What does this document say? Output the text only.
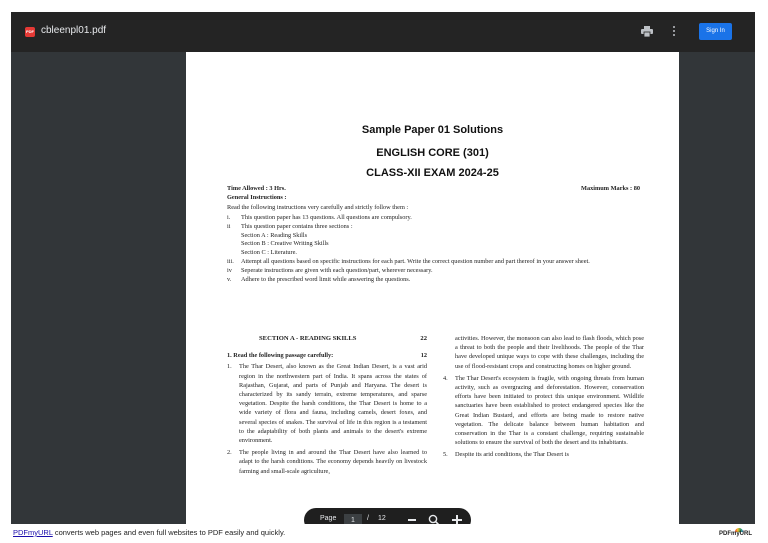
PDF cbleenpl01.pdf	Sign In
Sample Paper 01 Solutions
ENGLISH CORE (301)
CLASS-XII EXAM 2024-25
Time Allowed : 3 Hrs.	Maximum Marks : 80
General Instructions :
Read the following instructions very carefully and strictly follow them :
i.	This question paper has 13 questions. All questions are compulsory.
ii	This question paper contains three sections :
Section A : Reading Skills
Section B : Creative Writing Skills
Section C : Literature.
iii.	Attempt all questions based on specific instructions for each part. Write the correct question number and part thereof in your answer sheet.
iv	Seperate instructions are given with each question/part, wherever necessary.
v.	Adhere to the prescribed word limit while answering the questions.
SECTION A - READING SKILLS	22
1. Read the following passage carefully:	12
1.	The Thar Desert, also known as the Great Indian Desert, is a vast arid region in the northwestern part of India. It spans across the states of Rajasthan, Gujarat, and parts of Punjab and Haryana. The desert is characterized by its sandy terrain, extreme temperatures, and sparse vegetation. Despite the harsh conditions, the Thar Desert is home to a wide variety of flora and fauna, including camels, desert foxes, and several species of snakes. The survival of life in this region is a testament to the adaptability of both plants and animals to the desert's extreme environment.
2.	The people living in and around the Thar Desert have also learned to adapt to the harsh conditions. The economy depends heavily on livestock farming and small-scale agriculture,
activities. However, the monsoon can also lead to flash floods, which pose a threat to both the people and their livelihoods. The people of the Thar have developed unique ways to cope with these challenges, including the use of flood-resistant crops and constructing homes on higher ground.
4.	The Thar Desert's ecosystem is fragile, with ongoing threats from human activity, such as overgrazing and deforestation. However, conservation efforts have been initiated to protect this unique environment. Wildlife sanctuaries have been established to protect endangered species like the Great Indian Bustard, and efforts are being made to restore native vegetation. The delicate balance between human habitation and conservation in the Thar is a constant challenge, requiring sustainable solutions to ensure the survival of both the desert and its inhabitants.
5.	Despite its arid conditions, the Thar Desert is
Page
1	/ 12
PDFmyURL converts web pages and even full websites to PDF easily and quickly.	PDFmyURL
